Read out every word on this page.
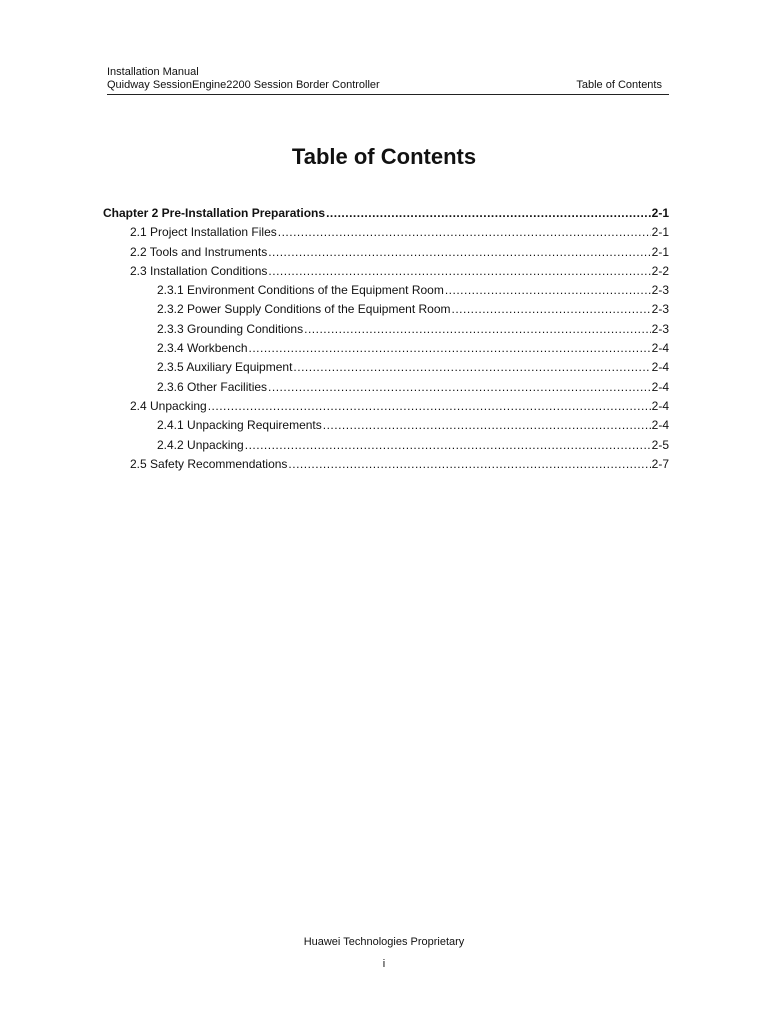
Installation Manual
Quidway SessionEngine2200 Session Border Controller	Table of Contents
Table of Contents
Chapter 2 Pre-Installation Preparations .....	2-1
2.1 Project Installation Files .....	2-1
2.2 Tools and Instruments .....	2-1
2.3 Installation Conditions .....	2-2
2.3.1 Environment Conditions of the Equipment Room .....	2-3
2.3.2 Power Supply Conditions of the Equipment Room .....	2-3
2.3.3 Grounding Conditions .....	2-3
2.3.4 Workbench .....	2-4
2.3.5 Auxiliary Equipment .....	2-4
2.3.6 Other Facilities .....	2-4
2.4 Unpacking .....	2-4
2.4.1 Unpacking Requirements .....	2-4
2.4.2 Unpacking .....	2-5
2.5 Safety Recommendations .....	2-7
Huawei Technologies Proprietary
i
